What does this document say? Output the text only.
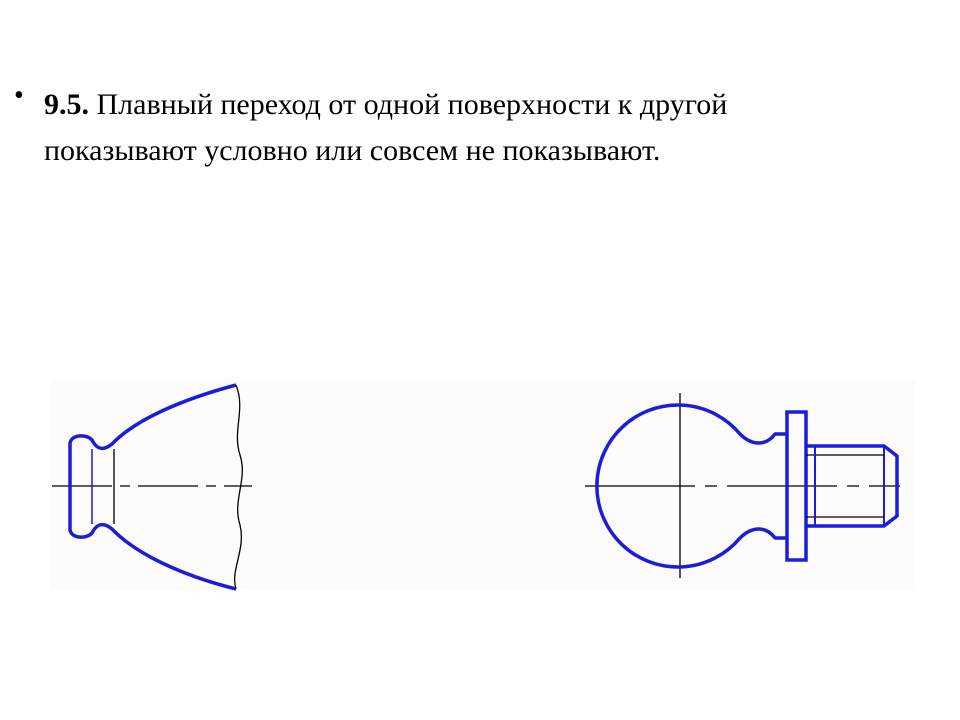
• 9.5. Плавный переход от одной поверхности к другой
показывают условно или совсем не показывают.
